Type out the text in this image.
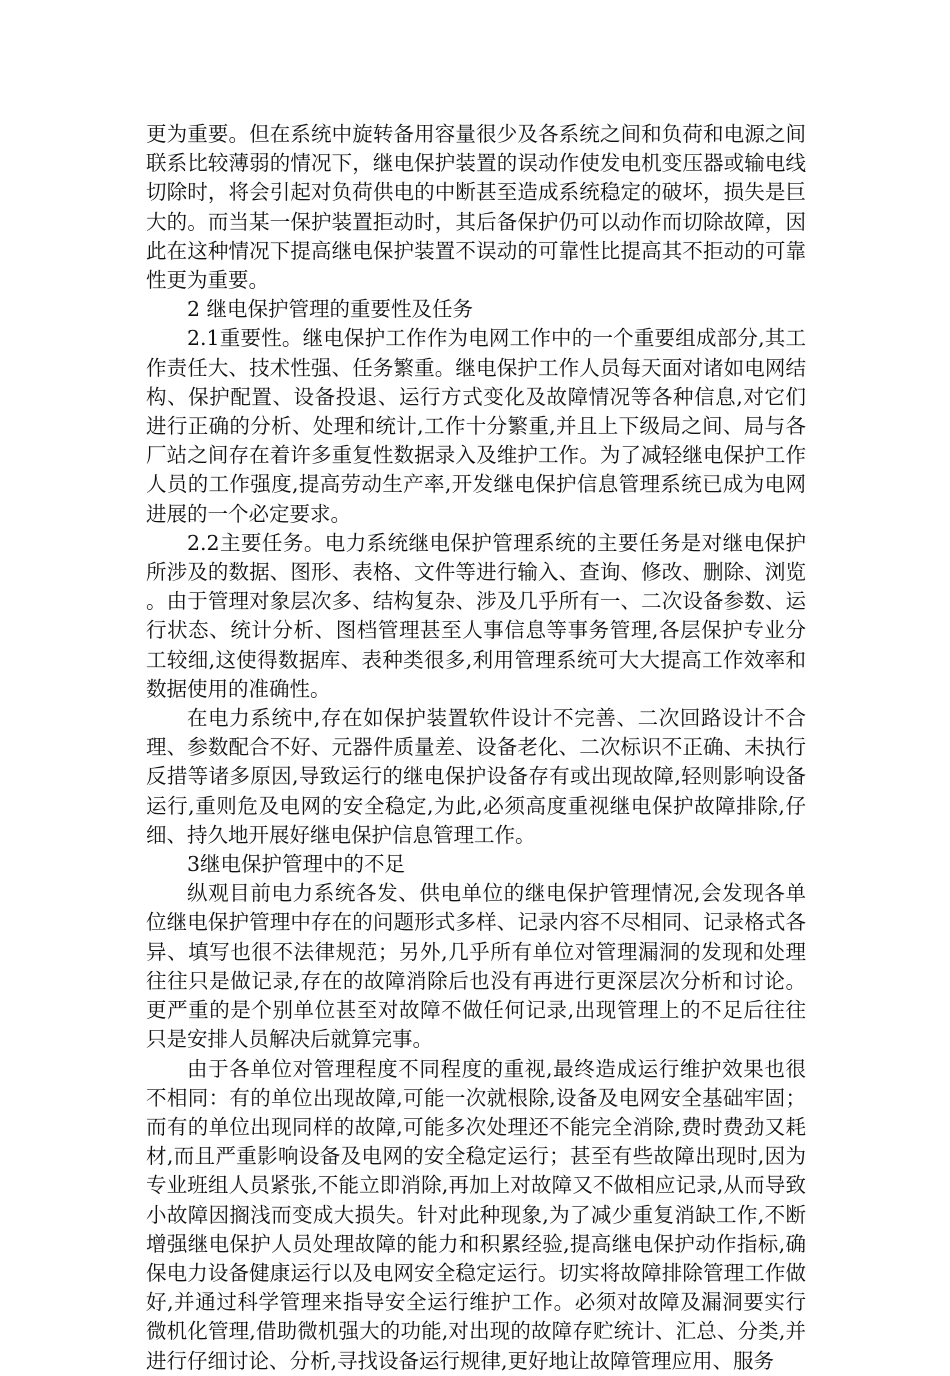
更为重要。但在系统中旋转备用容量很少及各系统之间和负荷和电源之间联系比较薄弱的情况下，继电保护装置的误动作使发电机变压器或输电线切除时，将会引起对负荷供电的中断甚至造成系统稳定的破坏，损失是巨大的。而当某一保护装置拒动时，其后备保护仍可以动作而切除故障，因此在这种情况下提高继电保护装置不误动的可靠性比提高其不拒动的可靠性更为重要。

2 继电保护管理的重要性及任务

2.1重要性。继电保护工作作为电网工作中的一个重要组成部分,其工作责任大、技术性强、任务繁重。继电保护工作人员每天面对诸如电网结构、保护配置、设备投退、运行方式变化及故障情况等各种信息,对它们进行正确的分析、处理和统计,工作十分繁重,并且上下级局之间、局与各厂站之间存在着许多重复性数据录入及维护工作。为了减轻继电保护工作人员的工作强度,提高劳动生产率,开发继电保护信息管理系统已成为电网进展的一个必定要求。

2.2主要任务。电力系统继电保护管理系统的主要任务是对继电保护所涉及的数据、图形、表格、文件等进行输入、查询、修改、删除、浏览。由于管理对象层次多、结构复杂、涉及几乎所有一、二次设备参数、运行状态、统计分析、图档管理甚至人事信息等事务管理,各层保护专业分工较细,这使得数据库、表种类很多,利用管理系统可大大提高工作效率和数据使用的准确性。

在电力系统中,存在如保护装置软件设计不完善、二次回路设计不合理、参数配合不好、元器件质量差、设备老化、二次标识不正确、未执行反措等诸多原因,导致运行的继电保护设备存有或出现故障,轻则影响设备运行,重则危及电网的安全稳定,为此,必须高度重视继电保护故障排除,仔细、持久地开展好继电保护信息管理工作。

3继电保护管理中的不足

纵观目前电力系统各发、供电单位的继电保护管理情况,会发现各单位继电保护管理中存在的问题形式多样、记录内容不尽相同、记录格式各异、填写也很不法律规范；另外,几乎所有单位对管理漏洞的发现和处理往往只是做记录,存在的故障消除后也没有再进行更深层次分析和讨论。更严重的是个别单位甚至对故障不做任何记录,出现管理上的不足后往往只是安排人员解决后就算完事。

由于各单位对管理程度不同程度的重视,最终造成运行维护效果也很不相同：有的单位出现故障,可能一次就根除,设备及电网安全基础牢固；而有的单位出现同样的故障,可能多次处理还不能完全消除,费时费劲又耗材,而且严重影响设备及电网的安全稳定运行；甚至有些故障出现时,因为专业班组人员紧张,不能立即消除,再加上对故障又不做相应记录,从而导致小故障因搁浅而变成大损失。针对此种现象,为了减少重复消缺工作,不断增强继电保护人员处理故障的能力和积累经验,提高继电保护动作指标,确保电力设备健康运行以及电网安全稳定运行。切实将故障排除管理工作做好,并通过科学管理来指导安全运行维护工作。必须对故障及漏洞要实行微机化管理,借助微机强大的功能,对出现的故障存贮统计、汇总、分类,并进行仔细讨论、分析,寻找设备运行规律,更好地让故障管理应用、服务
